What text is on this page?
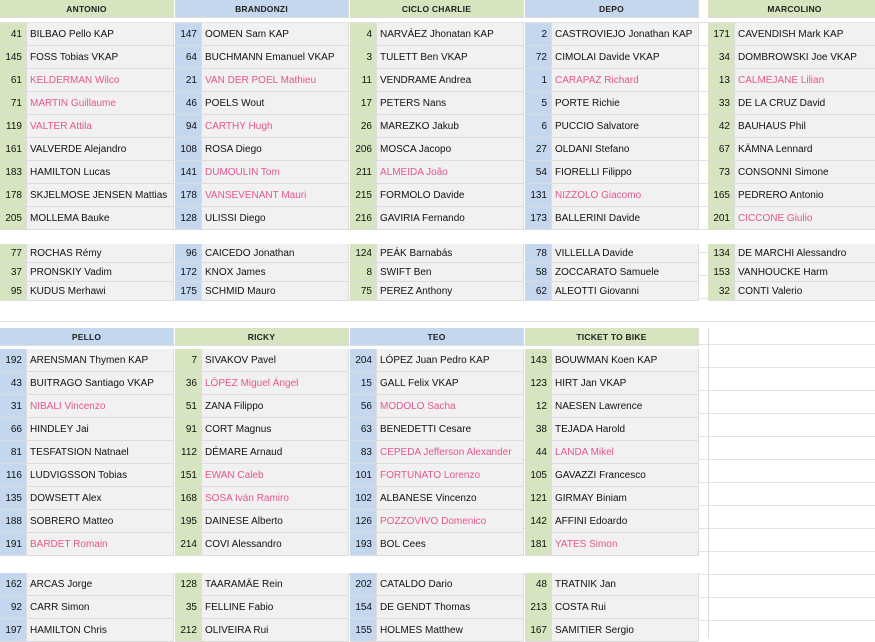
ANTONIO
41 BILBAO Pello KAP
145 FOSS Tobias VKAP
61 KELDERMAN Wilco
71 MARTIN Guillaume
119 VALTER Attila
161 VALVERDE Alejandro
183 HAMILTON Lucas
178 SKJELMOSE JENSEN Mattias
205 MOLLEMA Bauke
77 ROCHAS Rémy
37 PRONSKIY Vadim
95 KUDUS Merhawi
BRANDONZI
147 OOMEN Sam KAP
64 BUCHMANN Emanuel VKAP
21 VAN DER POEL Mathieu
46 POELS Wout
94 CARTHY Hugh
108 ROSA Diego
141 DUMOULIN Tom
178 VANSEVENANT Mauri
128 ULISSI Diego
96 CAICEDO Jonathan
172 KNOX James
175 SCHMID Mauro
CICLO CHARLIE
4 NARVÁEZ Jhonatan KAP
3 TULETT Ben VKAP
11 VENDRAME Andrea
17 PETERS Nans
26 MAREZKO Jakub
206 MOSCA Jacopo
211 ALMEIDA João
215 FORMOLO Davide
216 GAVIRIA Fernando
124 PEÁK Barnabás
8 SWIFT Ben
75 PEREZ Anthony
DEPO
2 CASTROVIEJO Jonathan KAP
72 CIMOLAI Davide VKAP
1 CARAPAZ Richard
5 PORTE Richie
6 PUCCIO Salvatore
27 OLDANI Stefano
54 FIORELLI Filippo
131 NIZZOLO Giacomo
173 BALLERINI Davide
78 VILLELLA Davide
58 ZOCCARATO Samuele
62 ALEOTTI Giovanni
MARCOLINO
171 CAVENDISH Mark KAP
34 DOMBROWSKI Joe VKAP
13 CALMEJANE Lilian
33 DE LA CRUZ David
42 BAUHAUS Phil
67 KÄMNA Lennard
73 CONSONNI Simone
165 PEDRERO Antonio
201 CICCONE Giulio
134 DE MARCHI Alessandro
153 VANHOUCKE Harm
32 CONTI Valerio
PELLO
192 ARENSMAN Thymen KAP
43 BUITRAGO Santiago VKAP
31 NIBALI Vincenzo
66 HINDLEY Jai
81 TESFATSION Natnael
116 LUDVIGSSON Tobias
135 DOWSETT Alex
188 SOBRERO Matteo
191 BARDET Romain
162 ARCAS Jorge
92 CARR Simon
197 HAMILTON Chris
RICKY
7 SIVAKOV Pavel
36 LÓPEZ Miguel Ángel
51 ZANA Filippo
91 CORT Magnus
112 DÉMARE Arnaud
151 EWAN Caleb
168 SOSA Iván Ramiro
195 DAINESE Alberto
214 COVI Alessandro
128 TAARAMÄE Rein
35 FELLINE Fabio
212 OLIVEIRA Rui
TEO
204 LÓPEZ Juan Pedro KAP
15 GALL Felix VKAP
56 MODOLO Sacha
63 BENEDETTI Cesare
83 CEPEDA Jefferson Alexander
101 FORTUNATO Lorenzo
102 ALBANESE Vincenzo
126 POZZOVIVO Domenico
193 BOL Cees
202 CATALDO Dario
154 DE GENDT Thomas
155 HOLMES Matthew
TICKET TO BIKE
143 BOUWMAN Koen KAP
123 HIRT Jan VKAP
12 NAESEN Lawrence
38 TEJADA Harold
44 LANDA Mikel
105 GAVAZZI Francesco
121 GIRMAY Biniam
142 AFFINI Edoardo
181 YATES Simon
48 TRATNIK Jan
213 COSTA Rui
167 SAMITIER Sergio
